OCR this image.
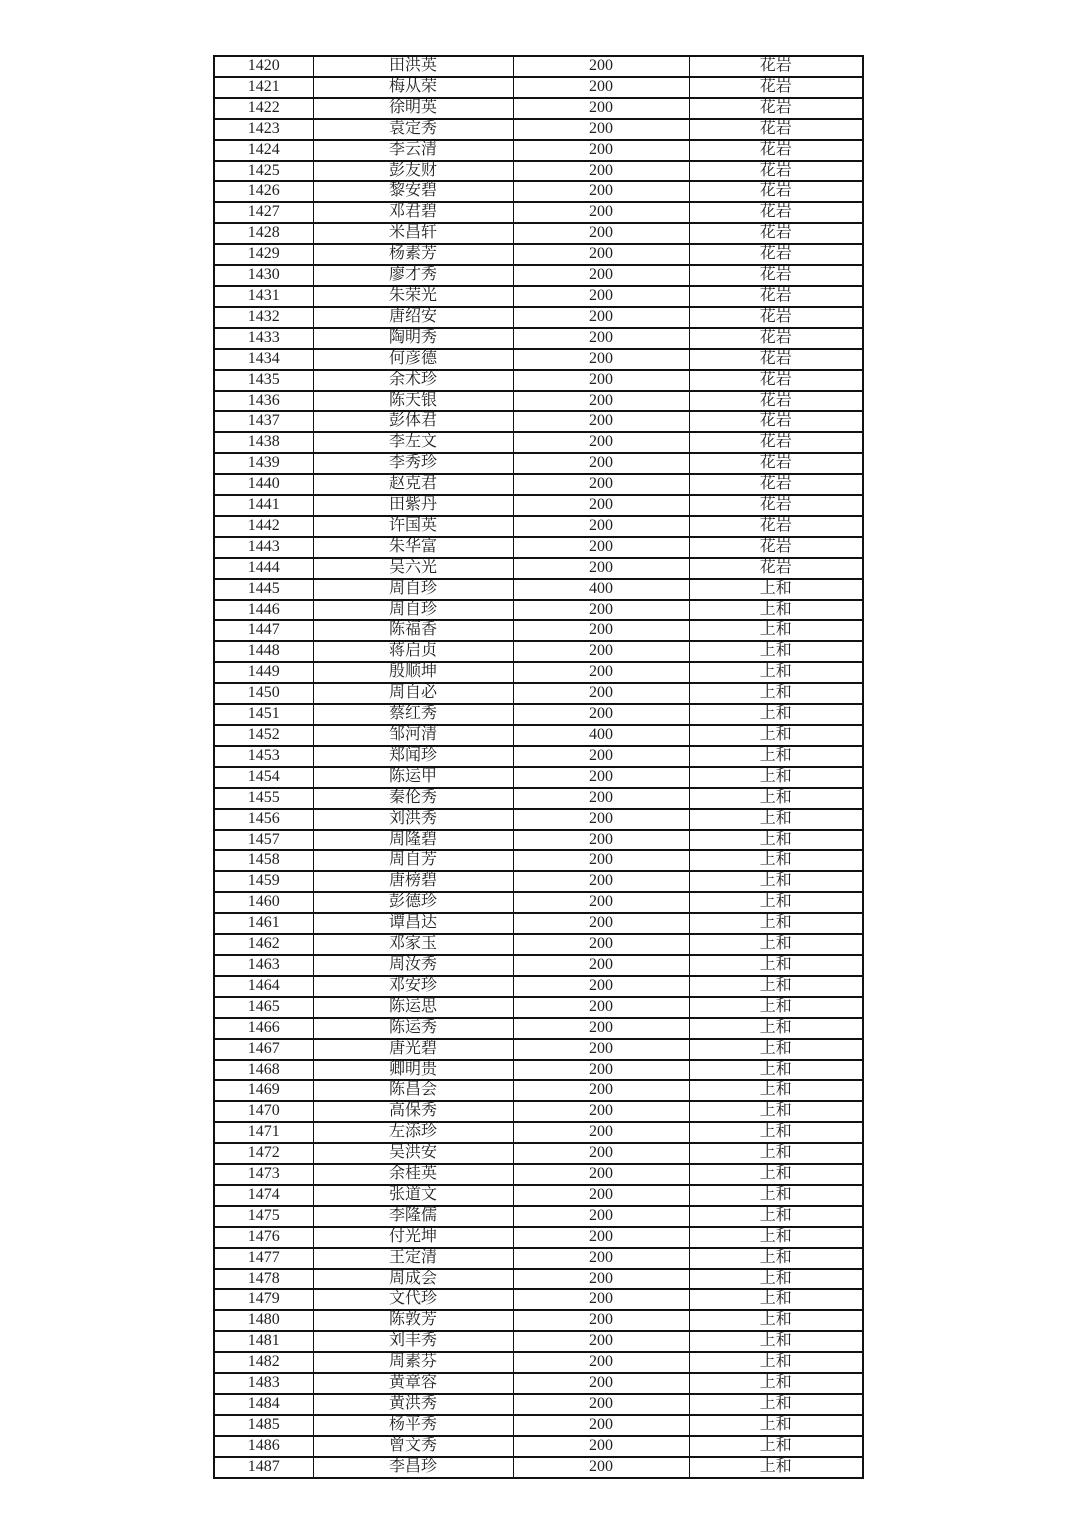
1420	田洪英	200	花岩
1421	梅从荣	200	花岩
1422	徐明英	200	花岩
1423	袁定秀	200	花岩
1424	李云清	200	花岩
1425	彭友财	200	花岩
1426	黎安碧	200	花岩
1427	邓君碧	200	花岩
1428	米昌轩	200	花岩
1429	杨素芳	200	花岩
1430	廖才秀	200	花岩
1431	朱荣光	200	花岩
1432	唐绍安	200	花岩
1433	陶明秀	200	花岩
1434	何彦德	200	花岩
1435	余术珍	200	花岩
1436	陈天银	200	花岩
1437	彭体君	200	花岩
1438	李左文	200	花岩
1439	李秀珍	200	花岩
1440	赵克君	200	花岩
1441	田紫丹	200	花岩
1442	许国英	200	花岩
1443	朱华富	200	花岩
1444	吴六光	200	花岩
1445	周自珍	400	上和
1446	周自珍	200	上和
1447	陈福香	200	上和
1448	蒋启贞	200	上和
1449	殷顺坤	200	上和
1450	周自必	200	上和
1451	蔡红秀	200	上和
1452	邹河清	400	上和
1453	郑闻珍	200	上和
1454	陈运甲	200	上和
1455	秦伦秀	200	上和
1456	刘洪秀	200	上和
1457	周隆碧	200	上和
1458	周自芳	200	上和
1459	唐榜碧	200	上和
1460	彭德珍	200	上和
1461	谭昌达	200	上和
1462	邓家玉	200	上和
1463	周汝秀	200	上和
1464	邓安珍	200	上和
1465	陈运思	200	上和
1466	陈运秀	200	上和
1467	唐光碧	200	上和
1468	卿明贵	200	上和
1469	陈昌会	200	上和
1470	高保秀	200	上和
1471	左添珍	200	上和
1472	吴洪安	200	上和
1473	余桂英	200	上和
1474	张道文	200	上和
1475	李隆儒	200	上和
1476	付光坤	200	上和
1477	王定清	200	上和
1478	周成会	200	上和
1479	文代珍	200	上和
1480	陈敦芳	200	上和
1481	刘丰秀	200	上和
1482	周素芬	200	上和
1483	黄章容	200	上和
1484	黄洪秀	200	上和
1485	杨平秀	200	上和
1486	曾文秀	200	上和
1487	李昌珍	200	上和
